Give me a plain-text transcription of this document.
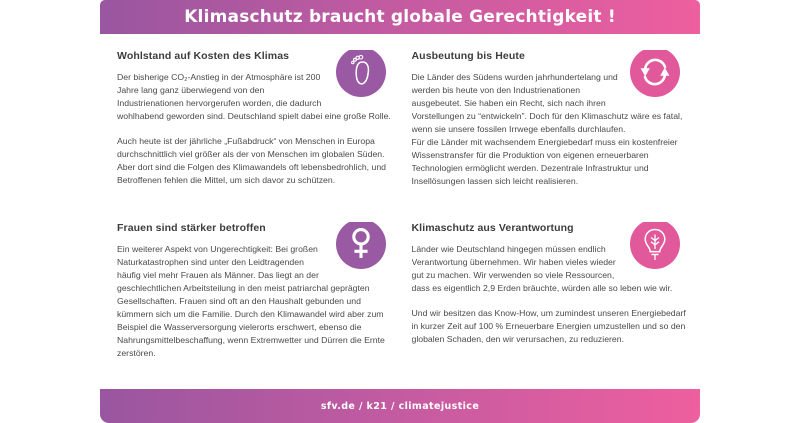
Klimaschutz braucht globale Gerechtigkeit !
Wohlstand auf Kosten des Klimas

Der bisherige CO₂-Anstieg in der Atmosphäre ist 200 Jahre lang ganz überwiegend von den Industrienationen hervorgerufen worden, die dadurch wohlhabend geworden sind. Deutschland spielt dabei eine große Rolle.

Auch heute ist der jährliche „Fußabdruck“ von Menschen in Europa durchschnittlich viel größer als der von Menschen im globalen Süden. Aber dort sind die Folgen des Klimawandels oft lebensbedrohlich, und Betroffenen fehlen die Mittel, um sich davor zu schützen.

Ausbeutung bis Heute

Die Länder des Südens wurden jahrhundertelang und werden bis heute von den Industrienationen ausgebeutet. Sie haben ein Recht, sich nach ihren Vorstellungen zu “entwickeln”. Doch für den Klimaschutz wäre es fatal, wenn sie unsere fossilen Irrwege ebenfalls durchlaufen.

Für die Länder mit wachsendem Energiebedarf muss ein kostenfreier Wissenstransfer für die Produktion von eigenen erneuerbaren Technologien ermöglicht werden. Dezentrale Infrastruktur und Insellösungen lassen sich leicht realisieren.

Frauen sind stärker betroffen

Ein weiterer Aspekt von Ungerechtigkeit: Bei großen Naturkatastrophen sind unter den Leidtragenden häufig viel mehr Frauen als Männer. Das liegt an der geschlechtlichen Arbeitsteilung in den meist patriarchal geprägten Gesellschaften. Frauen sind oft an den Haushalt gebunden und kümmern sich um die Familie. Durch den Klimawandel wird aber zum Beispiel die Wasserversorgung vielerorts erschwert, ebenso die Nahrungsmittelbeschaffung, wenn Extremwetter und Dürren die Ernte zerstören.

Klimaschutz aus Verantwortung

Länder wie Deutschland hingegen müssen endlich Verantwortung übernehmen. Wir haben vieles wieder gut zu machen. Wir verwenden so viele Ressourcen, dass es eigentlich 2,9 Erden bräuchte, würden alle so leben wie wir.

Und wir besitzen das Know-How, um zumindest unseren Energiebedarf in kurzer Zeit auf 100 % Erneuerbare Energien umzustellen und so den globalen Schaden, den wir verursachen, zu reduzieren.

sfv.de / k21 / climatejustice
